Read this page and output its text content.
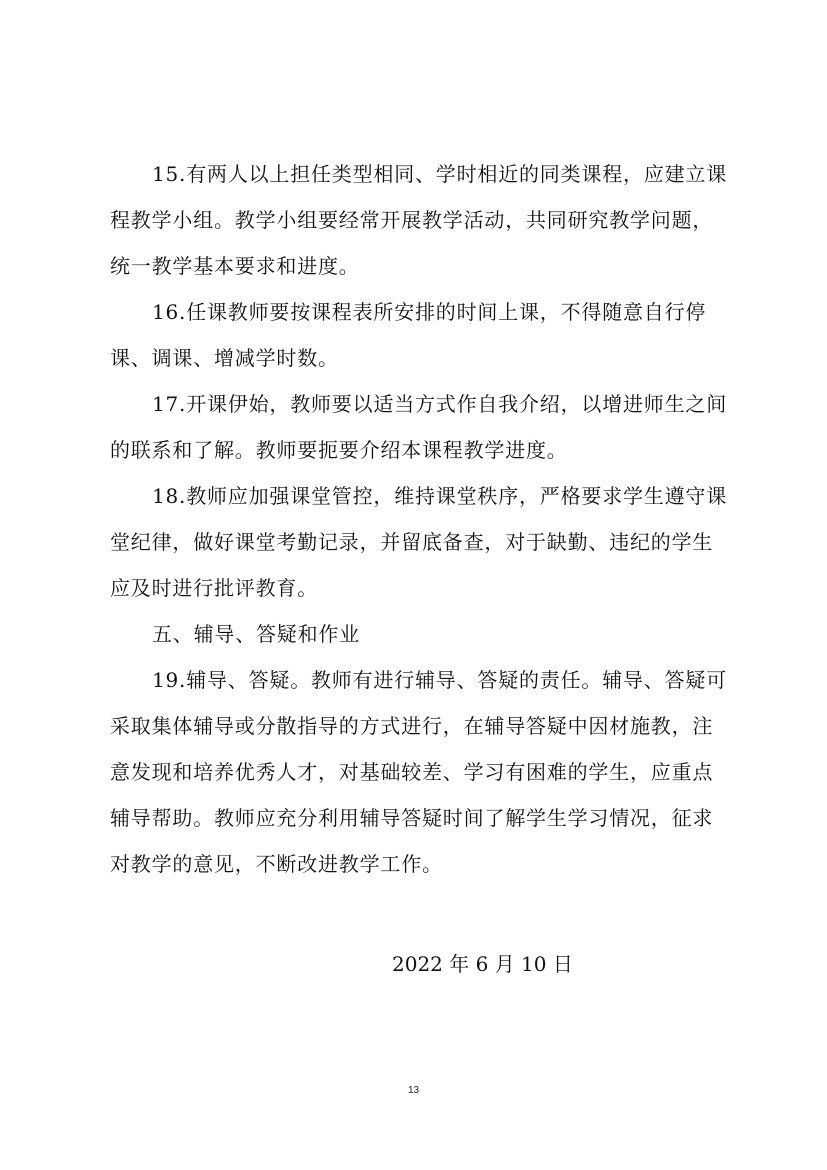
15.有两人以上担任类型相同、学时相近的同类课程，应建立课
程教学小组。教学小组要经常开展教学活动，共同研究教学问题，
统一教学基本要求和进度。
16.任课教师要按课程表所安排的时间上课，不得随意自行停
课、调课、增减学时数。
17.开课伊始，教师要以适当方式作自我介绍，以增进师生之间
的联系和了解。教师要扼要介绍本课程教学进度。
18.教师应加强课堂管控，维持课堂秩序，严格要求学生遵守课
堂纪律，做好课堂考勤记录，并留底备查，对于缺勤、违纪的学生
应及时进行批评教育。
五、辅导、答疑和作业
19.辅导、答疑。教师有进行辅导、答疑的责任。辅导、答疑可
采取集体辅导或分散指导的方式进行，在辅导答疑中因材施教，注
意发现和培养优秀人才，对基础较差、学习有困难的学生，应重点
辅导帮助。教师应充分利用辅导答疑时间了解学生学习情况，征求
对教学的意见，不断改进教学工作。
2022 年 6 月 10 日
13
